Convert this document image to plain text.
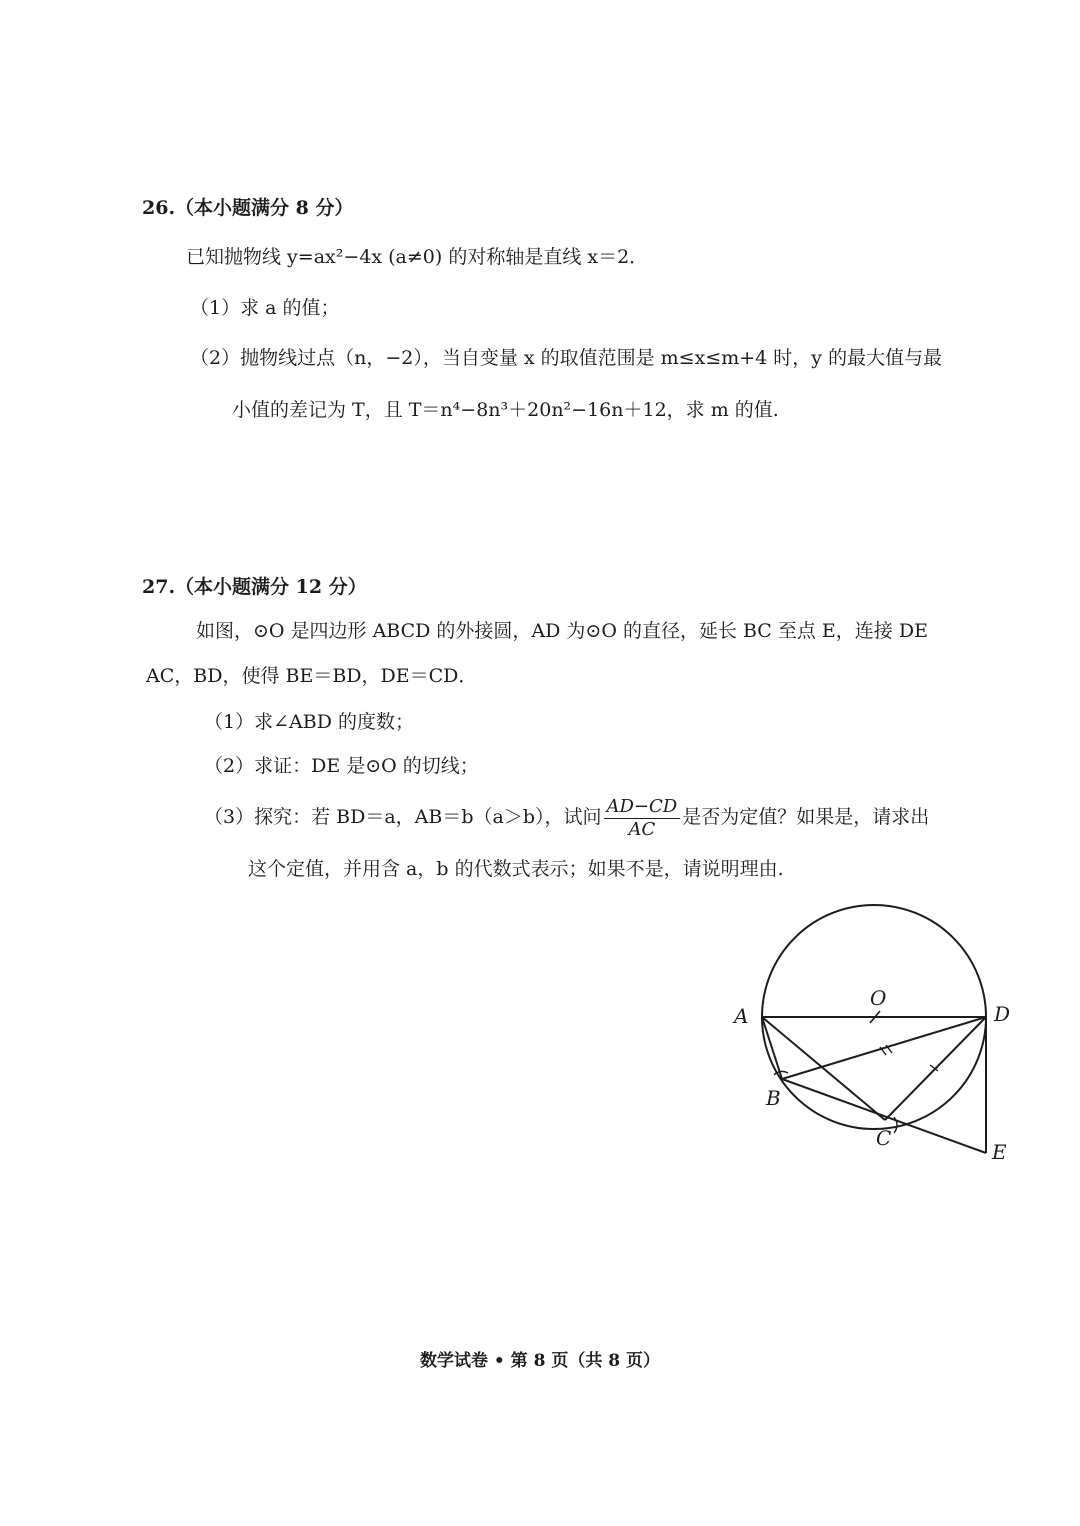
26.（本小题满分 8 分）
已知抛物线 y=ax²−4x (a≠0) 的对称轴是直线 x＝2．
（1）求 a 的值；
（2）抛物线过点（n，−2），当自变量 x 的取值范围是 m≤x≤m+4 时，y 的最大值与最
小值的差记为 T，且 T＝n⁴−8n³＋20n²−16n＋12，求 m 的值.
27.（本小题满分 12 分）
如图，⊙O 是四边形 ABCD 的外接圆，AD 为⊙O 的直径，延长 BC 至点 E，连接 DE
AC，BD，使得 BE＝BD，DE＝CD．
（1）求∠ABD 的度数；
（2）求证：DE 是⊙O 的切线；
（3）探究：若 BD＝a，AB＝b（a＞b），试问 $\frac{AD-CD}{AC}$ 是否为定值？如果是，请求出
这个定值，并用含 a，b 的代数式表示；如果不是，请说明理由.
O
A
B
C
D
E
数学试卷 • 第 8 页（共 8 页）
